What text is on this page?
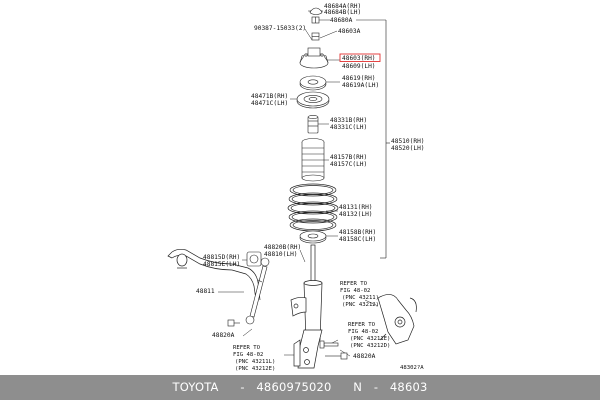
48684A(RH)
48684B(LH)
48680A
90387-15033(2)	48603A
48603(RH)
48609(LH)
48619(RH)
48619A(LH)
48471B(RH)
48471C(LH)
48331B(RH)
48331C(LH)
48510(RH)
48520(LH)
48157B(RH)
48157C(LH)
48131(RH)
48132(LH)
48158B(RH)
48158C(LH)
48820B(RH)
48810(LH)
48815D(RH)
48815E(LH)
48811
48820A
REFER TO
FIG 48-02
(PNC 43211)
(PNC 43212)
REFER TO
FIG 48-02
(PNC 43211E)
(PNC 43212D)
REFER TO
FIG 48-02
(PNC 43211L)
(PNC 43212E)
48820A
48302?A
TOYOTA - 4860975020 N - 48603
